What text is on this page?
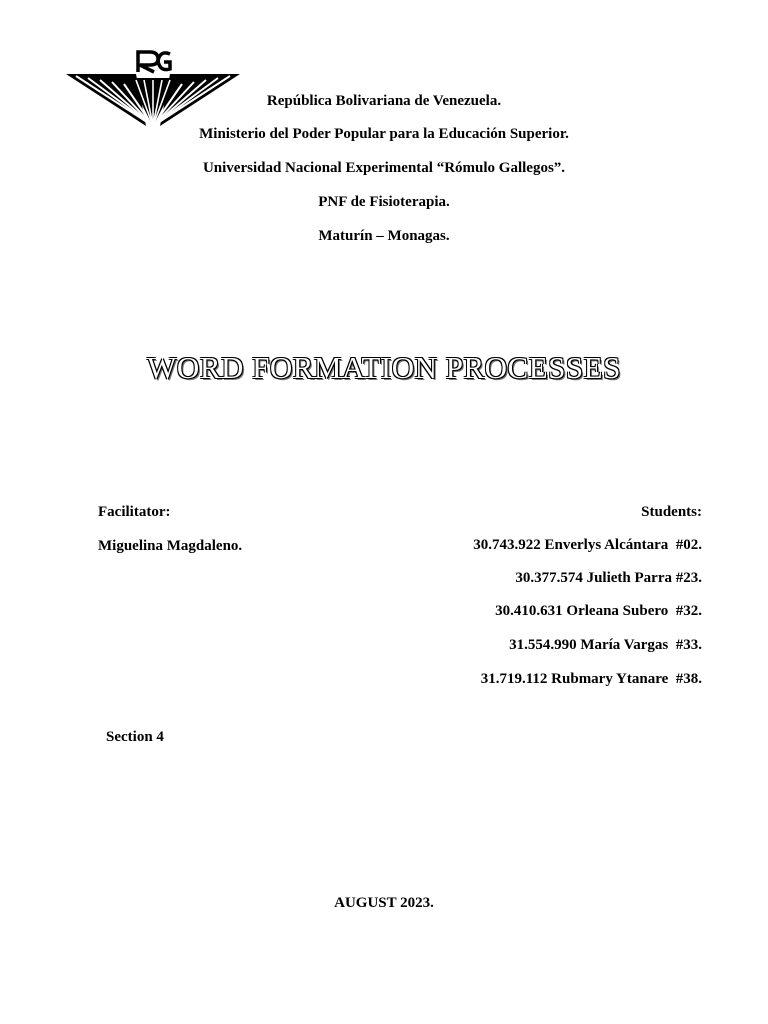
República Bolivariana de Venezuela.
Ministerio del Poder Popular para la Educación Superior.
Universidad Nacional Experimental “Rómulo Gallegos”.
PNF de Fisioterapia.
Maturín – Monagas.
WORD FORMATION PROCESSES
Facilitator:
Miguelina Magdaleno.
Students:
30.743.922 Enverlys Alcántara  #02.
30.377.574 Julieth Parra #23.
30.410.631 Orleana Subero  #32.
31.554.990 María Vargas  #33.
31.719.112 Rubmary Ytanare  #38.
Section 4
AUGUST 2023.
